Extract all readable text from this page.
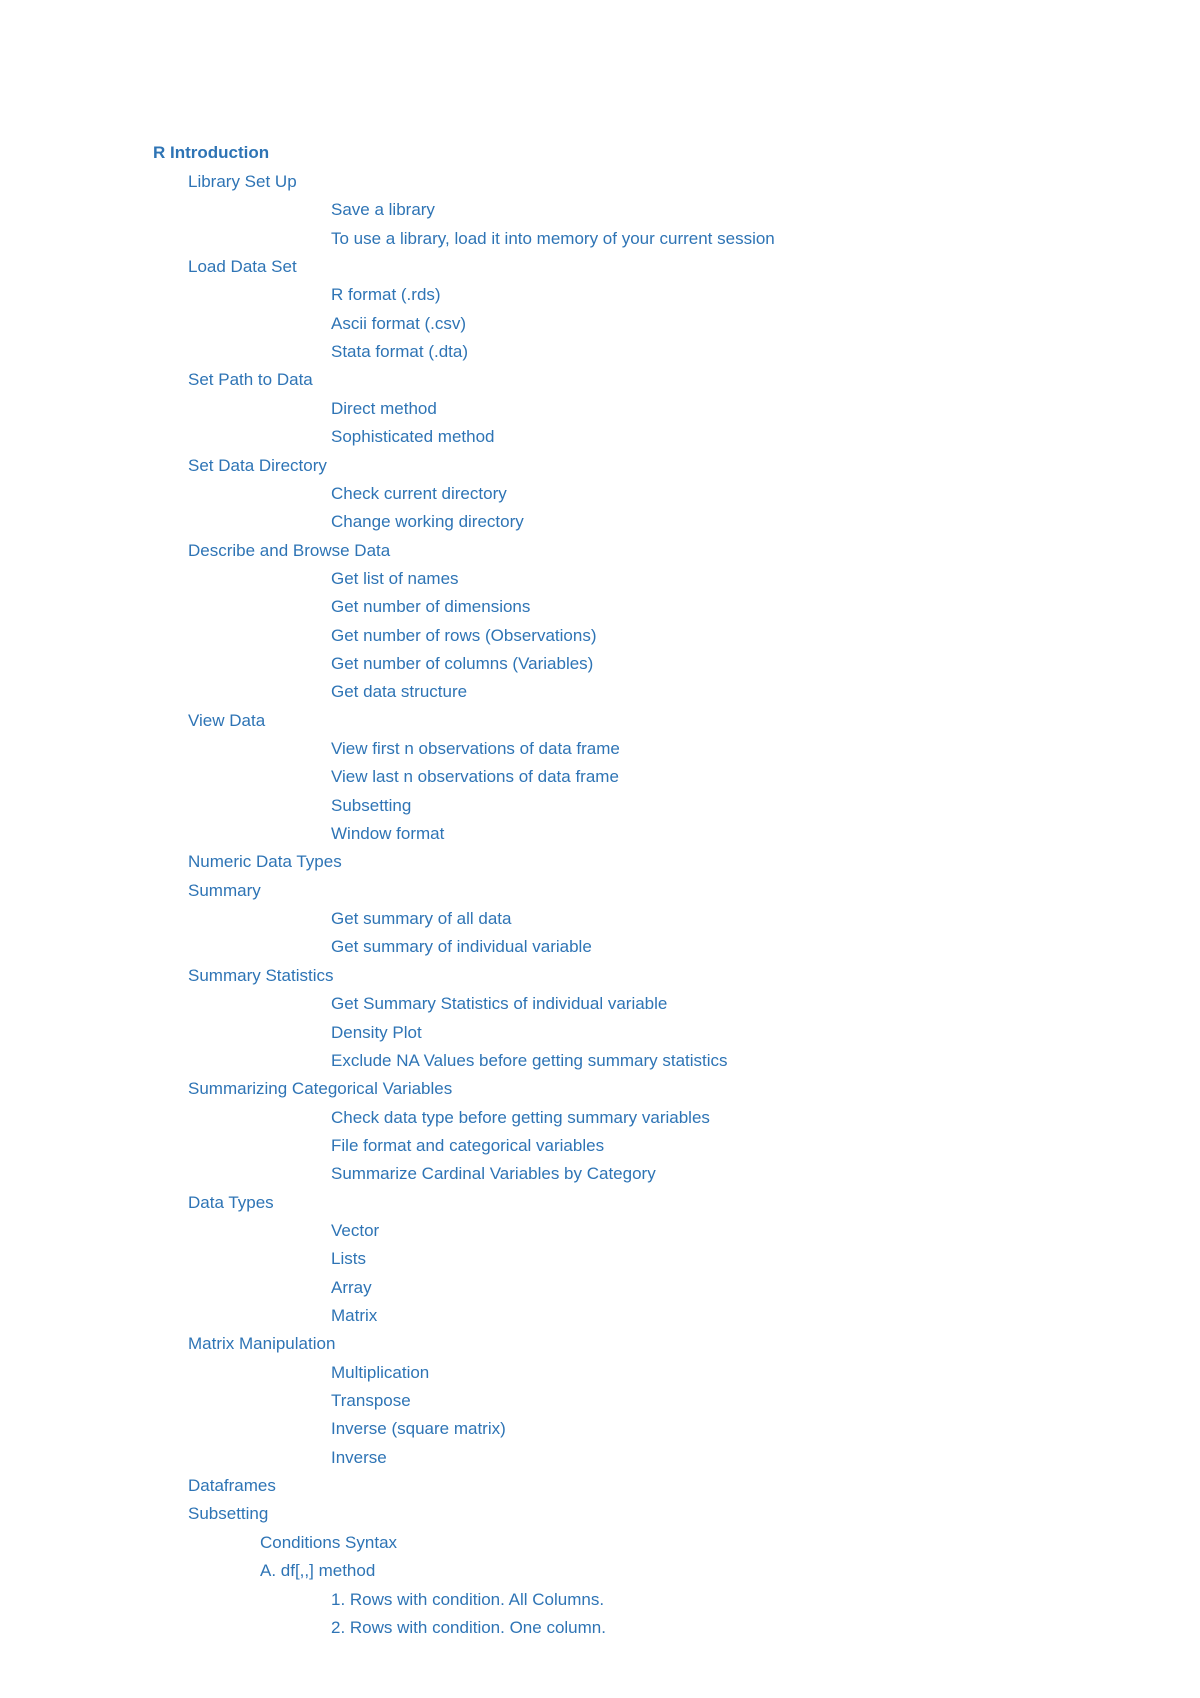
R Introduction
Library Set Up
Save a library
To use a library, load it into memory of your current session
Load Data Set
R format (.rds)
Ascii format (.csv)
Stata format (.dta)
Set Path to Data
Direct method
Sophisticated method
Set Data Directory
Check current directory
Change working directory
Describe and Browse Data
Get list of names
Get number of dimensions
Get number of rows (Observations)
Get number of columns (Variables)
Get data structure
View Data
View first n observations of data frame
View last n observations of data frame
Subsetting
Window format
Numeric Data Types
Summary
Get summary of all data
Get summary of individual variable
Summary Statistics
Get Summary Statistics of individual variable
Density Plot
Exclude NA Values before getting summary statistics
Summarizing Categorical Variables
Check data type before getting summary variables
File format and categorical variables
Summarize Cardinal Variables by Category
Data Types
Vector
Lists
Array
Matrix
Matrix Manipulation
Multiplication
Transpose
Inverse (square matrix)
Inverse
Dataframes
Subsetting
Conditions Syntax
A. df[,,] method
1. Rows with condition. All Columns.
2. Rows with condition. One column.
